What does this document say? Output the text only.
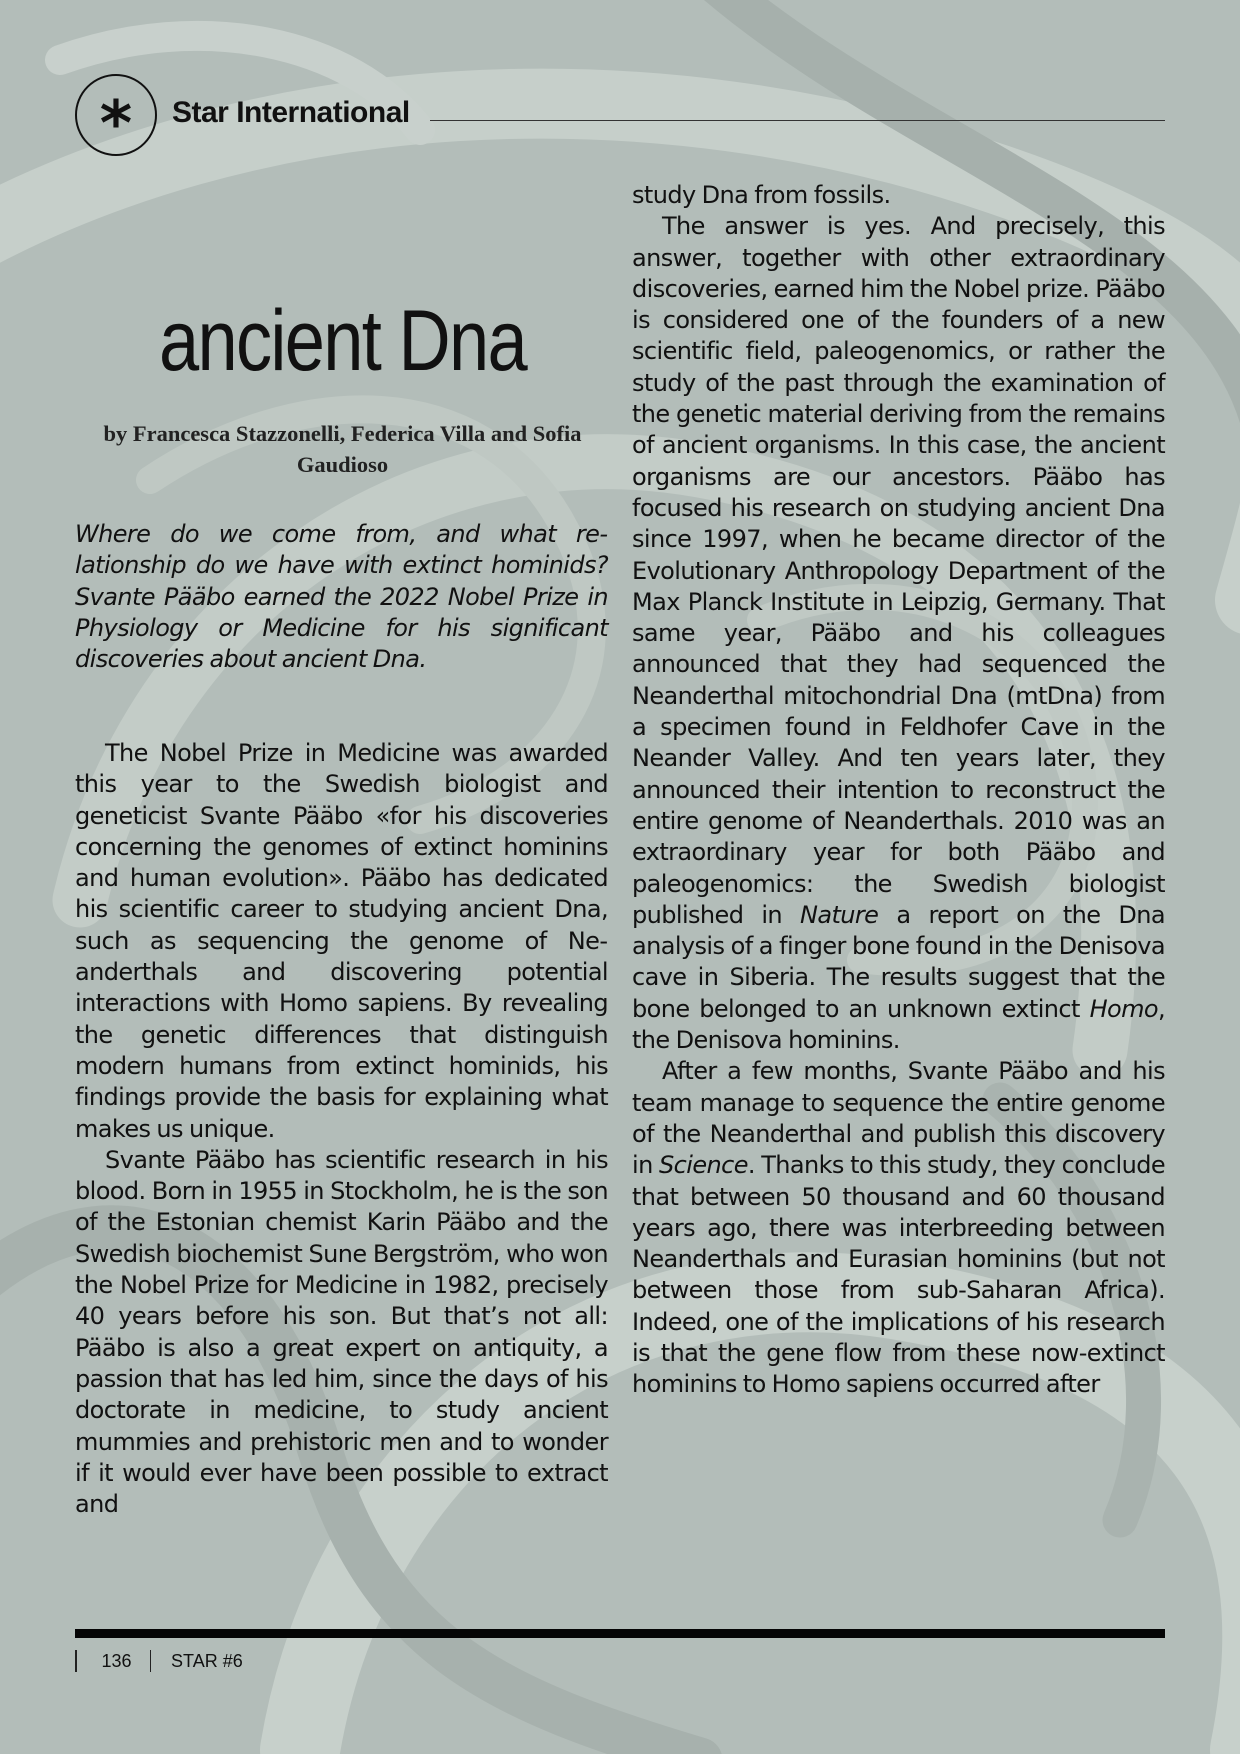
* Star International
ancient Dna
by Francesca Stazzonelli, Federica Villa and Sofia Gaudioso

Where do we come from, and what relationship do we have with extinct hominids? Svante Pääbo earned the 2022 Nobel Prize in Physiology or Medicine for his significant discoveries about ancient Dna.

The Nobel Prize in Medicine was awarded this year to the Swedish biologist and geneticist Svante Pääbo «for his discoveries concerning the genomes of extinct hominins and human evolution». Pääbo has dedicated his scientific career to studying ancient Dna, such as sequencing the genome of Neanderthals and discovering potential interactions with Homo sapiens. By revealing the genetic differences that distinguish modern humans from extinct hominids, his findings provide the basis for explaining what makes us unique.

Svante Pääbo has scientific research in his blood. Born in 1955 in Stockholm, he is the son of the Estonian chemist Karin Pääbo and the Swedish biochemist Sune Bergström, who won the Nobel Prize for Medicine in 1982, precisely 40 years before his son. But that’s not all: Pääbo is also a great expert on antiquity, a passion that has led him, since the days of his doctorate in medicine, to study ancient mummies and prehistoric men and to wonder if it would ever have been possible to extract and

study Dna from fossils.

The answer is yes. And precisely, this answer, together with other extraordinary discoveries, earned him the Nobel prize. Pääbo is considered one of the founders of a new scientific field, paleogenomics, or rather the study of the past through the examination of the genetic material deriving from the remains of ancient organisms. In this case, the ancient organisms are our ancestors. Pääbo has focused his research on studying ancient Dna since 1997, when he became director of the Evolutionary Anthropology Department of the Max Planck Institute in Leipzig, Germany. That same year, Pääbo and his colleagues announced that they had sequenced the Neanderthal mitochondrial Dna (mtDna) from a specimen found in Feldhofer Cave in the Neander Valley. And ten years later, they announced their intention to reconstruct the entire genome of Neanderthals. 2010 was an extraordinary year for both Pääbo and paleogenomics: the Swedish biologist published in Nature a report on the Dna analysis of a finger bone found in the Denisova cave in Siberia. The results suggest that the bone belonged to an unknown extinct Homo, the Denisova hominins.

After a few months, Svante Pääbo and his team manage to sequence the entire genome of the Neanderthal and publish this discovery in Science. Thanks to this study, they conclude that between 50 thousand and 60 thousand years ago, there was interbreeding between Neanderthals and Eurasian hominins (but not between those from sub-Saharan Africa). Indeed, one of the implications of his research is that the gene flow from these now-extinct hominins to Homo sapiens occurred after

136 STAR #6
